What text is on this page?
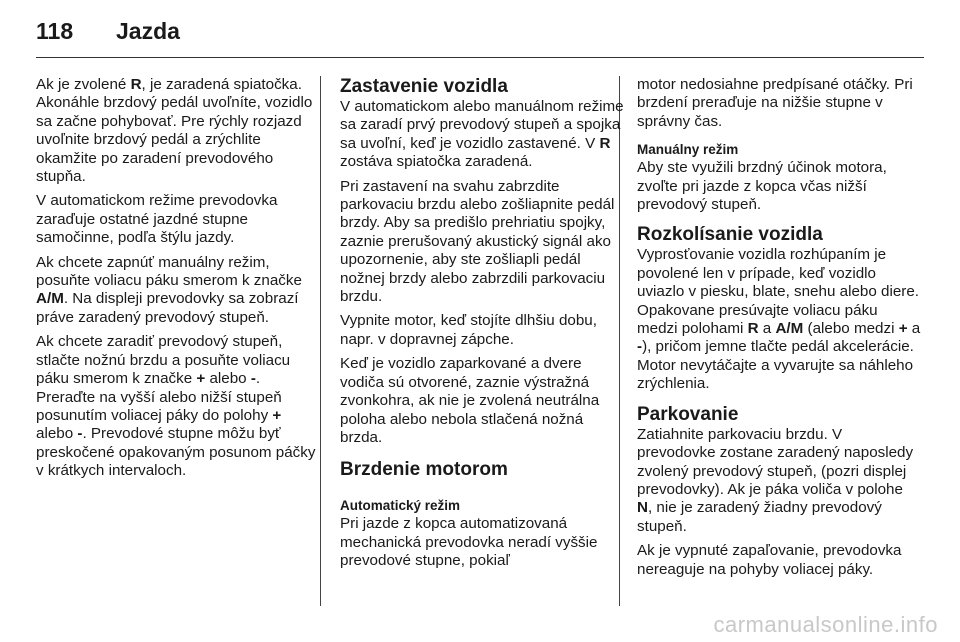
118	Jazda

Ak je zvolené R, je zaradená spiatočka. Akonáhle brzdový pedál uvoľníte, vozidlo sa začne pohybovať. Pre rýchly rozjazd uvoľnite brzdový pedál a zrýchlite okamžite po zaradení prevodového stupňa.

V automatickom režime prevodovka zaraďuje ostatné jazdné stupne samočinne, podľa štýlu jazdy.

Ak chcete zapnúť manuálny režim, posuňte voliacu páku smerom k značke A/M. Na displeji prevodovky sa zobrazí práve zaradený prevodový stupeň.

Ak chcete zaradiť prevodový stupeň, stlačte nožnú brzdu a posuňte voliacu páku smerom k značke + alebo -. Preraďte na vyšší alebo nižší stupeň posunutím voliacej páky do polohy + alebo -. Prevodové stupne môžu byť preskočené opakovaným posunom páčky v krátkych intervaloch.

Zastavenie vozidla

V automatickom alebo manuálnom režime sa zaradí prvý prevodový stupeň a spojka sa uvoľní, keď je vozidlo zastavené. V R zostáva spiatočka zaradená.

Pri zastavení na svahu zabrzdite parkovaciu brzdu alebo zošliapnite pedál brzdy. Aby sa predišlo prehriatiu spojky, zaznie prerušovaný akustický signál ako upozornenie, aby ste zošliapli pedál nožnej brzdy alebo zabrzdili parkovaciu brzdu.

Vypnite motor, keď stojíte dlhšiu dobu, napr. v dopravnej zápche.

Keď je vozidlo zaparkované a dvere vodiča sú otvorené, zaznie výstražná zvonkohra, ak nie je zvolená neutrálna poloha alebo nebola stlačená nožná brzda.

Brzdenie motorom
Automatický režim

Pri jazde z kopca automatizovaná mechanická prevodovka neradí vyššie prevodové stupne, pokiaľ

motor nedosiahne predpísané otáčky. Pri brzdení preraďuje na nižšie stupne v správny čas.

Manuálny režim

Aby ste využili brzdný účinok motora, zvoľte pri jazde z kopca včas nižší prevodový stupeň.

Rozkolísanie vozidla

Vyprosťovanie vozidla rozhúpaním je povolené len v prípade, keď vozidlo uviazlo v piesku, blate, snehu alebo diere. Opakovane presúvajte voliacu páku medzi polohami R a A/M (alebo medzi + a -), pričom jemne tlačte pedál akcelerácie. Motor nevytáčajte a vyvarujte sa náhleho zrýchlenia.

Parkovanie

Zatiahnite parkovaciu brzdu. V prevodovke zostane zaradený naposledy zvolený prevodový stupeň, (pozri displej prevodovky). Ak je páka voliča v polohe N, nie je zaradený žiadny prevodový stupeň.

Ak je vypnuté zapaľovanie, prevodovka nereaguje na pohyby voliacej páky.

carmanualsonline.info
